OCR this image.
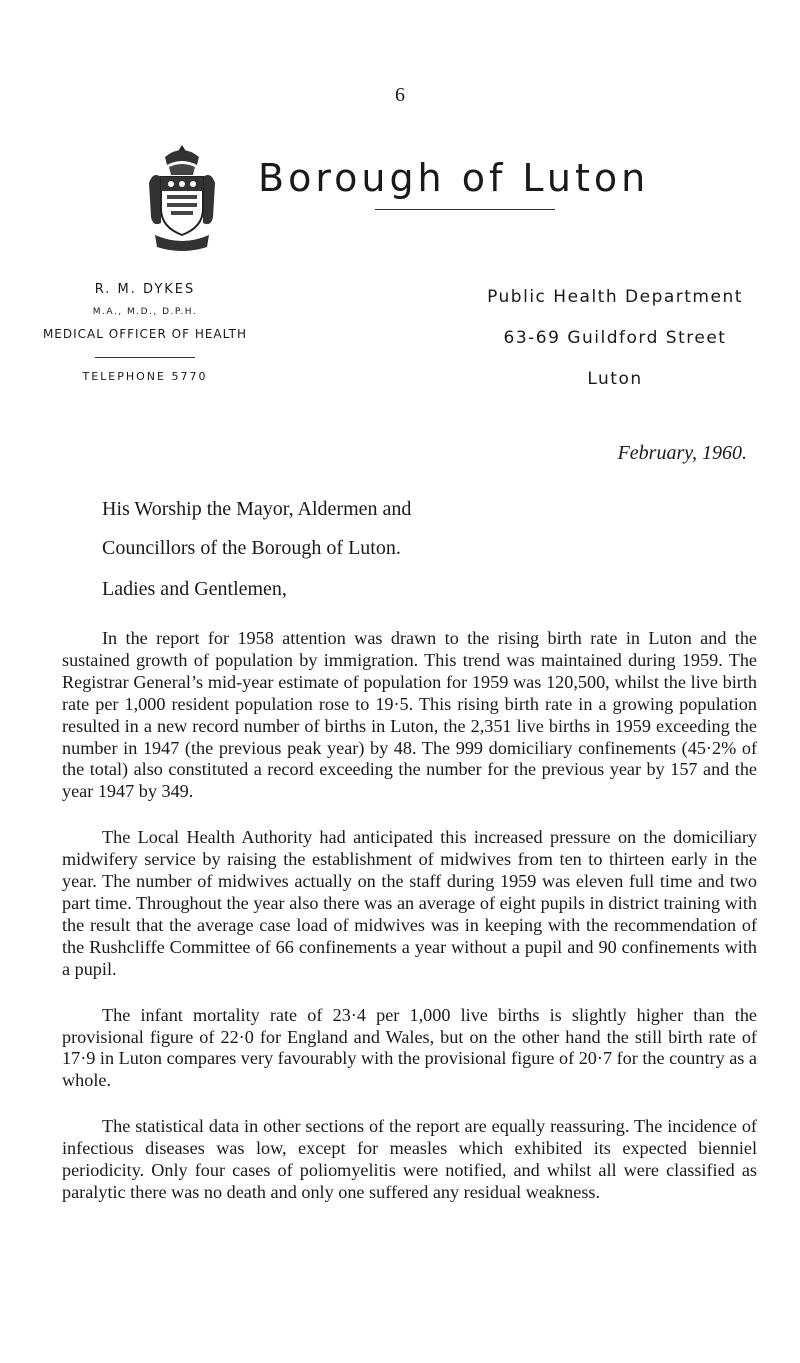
6
Borough of Luton
R. M. DYKES
M.A., M.D., D.P.H.
MEDICAL OFFICER OF HEALTH
TELEPHONE 5770
Public Health Department
63-69 Guildford Street
Luton
February, 1960.
His Worship the Mayor, Aldermen and
Councillors of the Borough of Luton.
Ladies and Gentlemen,

In the report for 1958 attention was drawn to the rising birth rate in Luton and the sustained growth of population by immigration. This trend was maintained during 1959. The Registrar General’s mid-year estimate of population for 1959 was 120,500, whilst the live birth rate per 1,000 resident population rose to 19·5. This rising birth rate in a growing population resulted in a new record number of births in Luton, the 2,351 live births in 1959 exceeding the number in 1947 (the previous peak year) by 48. The 999 domiciliary confinements (45·2% of the total) also constituted a record exceeding the number for the previous year by 157 and the year 1947 by 349.

The Local Health Authority had anticipated this increased pressure on the domiciliary midwifery service by raising the establishment of midwives from ten to thirteen early in the year. The number of midwives actually on the staff during 1959 was eleven full time and two part time. Throughout the year also there was an average of eight pupils in district training with the result that the average case load of midwives was in keeping with the recommendation of the Rushcliffe Committee of 66 confinements a year without a pupil and 90 confinements with a pupil.

The infant mortality rate of 23·4 per 1,000 live births is slightly higher than the provisional figure of 22·0 for England and Wales, but on the other hand the still birth rate of 17·9 in Luton compares very favourably with the provisional figure of 20·7 for the country as a whole.

The statistical data in other sections of the report are equally reassuring. The incidence of infectious diseases was low, except for measles which exhibited its expected bienniel periodicity. Only four cases of poliomyelitis were notified, and whilst all were classified as paralytic there was no death and only one suffered any residual weakness.
